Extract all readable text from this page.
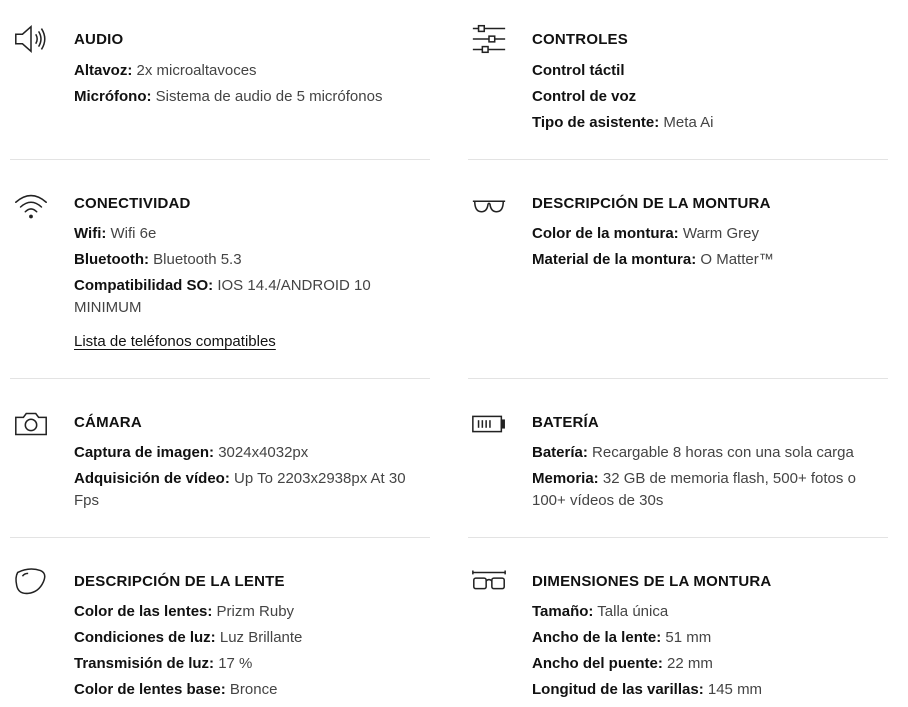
AUDIO
Altavoz: 2x microaltavoces
Micrófono: Sistema de audio de 5 micrófonos
CONECTIVIDAD
Wifi: Wifi 6e
Bluetooth: Bluetooth 5.3
Compatibilidad SO: IOS 14.4/ANDROID 10 MINIMUM
Lista de teléfonos compatibles
CÁMARA
Captura de imagen: 3024x4032px
Adquisición de vídeo: Up To 2203x2938px At 30 Fps
DESCRIPCIÓN DE LA LENTE
Color de las lentes: Prizm Ruby
Condiciones de luz: Luz Brillante
Transmisión de luz: 17 %
Color de lentes base: Bronce
CONTROLES
Control táctil
Control de voz
Tipo de asistente: Meta Ai
DESCRIPCIÓN DE LA MONTURA
Color de la montura: Warm Grey
Material de la montura: O Matter™
BATERÍA
Batería: Recargable 8 horas con una sola carga
Memoria: 32 GB de memoria flash, 500+ fotos o 100+ vídeos de 30s
DIMENSIONES DE LA MONTURA
Tamaño: Talla única
Ancho de la lente: 51 mm
Ancho del puente: 22 mm
Longitud de las varillas: 145 mm
